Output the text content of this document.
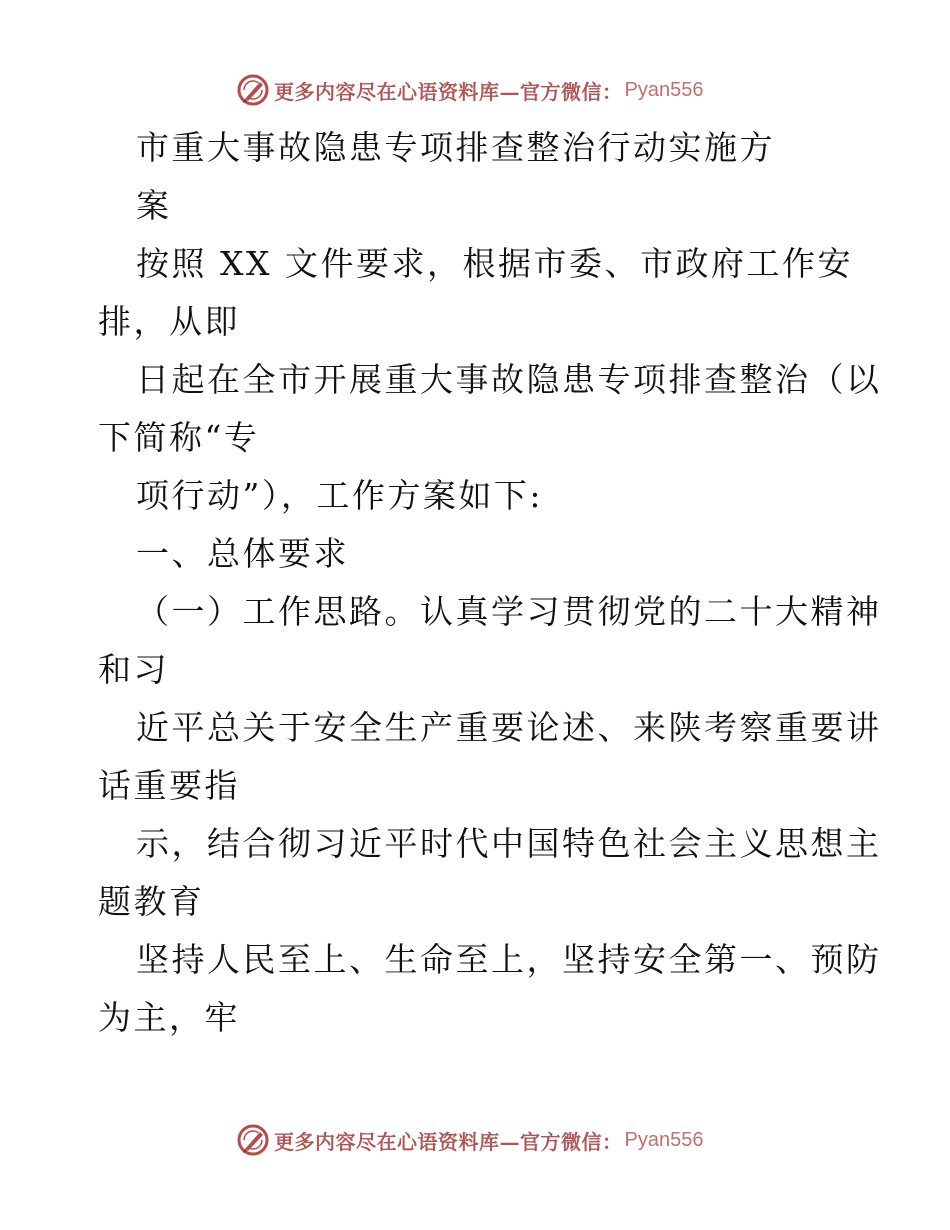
更多内容尽在心语资料库—官方微信： Pyan556
市重大事故隐患专项排查整治行动实施方
案
按照 XX 文件要求，根据市委、市政府工作安
排，从即
日起在全市开展重大事故隐患专项排查整治（以
下简称“专
项行动”），工作方案如下:
一、总体要求
（一）工作思路。认真学习贯彻党的二十大精神
和习
近平总关于安全生产重要论述、来陕考察重要讲
话重要指
示，结合彻习近平时代中国特色社会主义思想主
题教育
坚持人民至上、生命至上，坚持安全第一、预防
为主，牢
更多内容尽在心语资料库—官方微信： Pyan556
